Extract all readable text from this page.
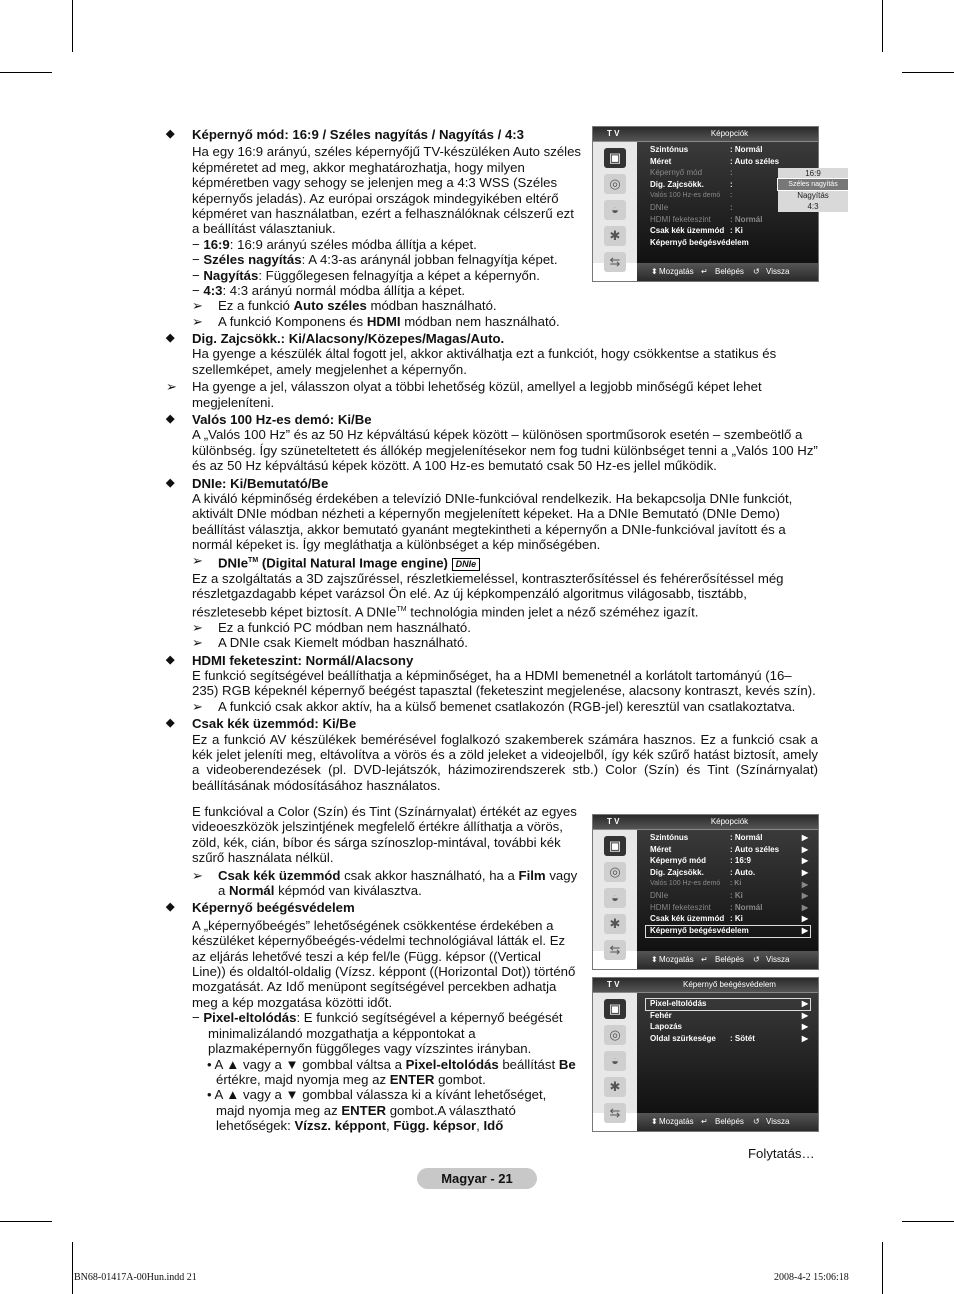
◆ Képernyő mód: 16:9 / Széles nagyítás / Nagyítás / 4:3

Ha egy 16:9 arányú, széles képernyőjű TV-készüléken Auto széles képméretet ad meg, akkor meghatározhatja, hogy milyen képméretben vagy sehogy se jelenjen meg a 4:3 WSS (Széles képernyős jeladás). Az európai országok mindegyikében eltérő képméret van használatban, ezért a felhasználóknak célszerű ezt a beállítást választaniuk.

− 16:9: 16:9 arányú széles módba állítja a képet.

− Széles nagyítás: A 4:3-as aránynál jobban felnagyítja képet.

− Nagyítás: Függőlegesen felnagyítja a képet a képernyőn.

− 4:3: 4:3 arányú normál módba állítja a képet.

➢ Ez a funkció Auto széles módban használható.

➢ A funkció Komponens és HDMI módban nem használható.

◆ Dig. Zajcsökk.: Ki/Alacsony/Közepes/Magas/Auto.

Ha gyenge a készülék által fogott jel, akkor aktiválhatja ezt a funkciót, hogy csökkentse a statikus és szellemképet, amely megjelenhet a képernyőn.

➢ Ha gyenge a jel, válasszon olyat a többi lehetőség közül, amellyel a legjobb minőségű képet lehet megjeleníteni.

◆ Valós 100 Hz-es demó: Ki/Be

A „Valós 100 Hz” és az 50 Hz képváltású képek között – különösen sportműsorok esetén – szembeötlő a különbség. Így szüneteltetett és állókép megjelenítésekor nem fog tudni különbséget tenni a „Valós 100 Hz” és az 50 Hz képváltású képek között. A 100 Hz-es bemutató csak 50 Hz-es jellel működik.

◆ DNIe: Ki/Bemutató/Be

A kiváló képminőség érdekében a televízió DNIe-funkcióval rendelkezik. Ha bekapcsolja DNIe funkciót, aktivált DNIe módban nézheti a képernyőn megjelenített képeket. Ha a DNIe Bemutató (DNIe Demo) beállítást választja, akkor bemutató gyanánt megtekintheti a képernyőn a DNIe-funkcióval javított és a normál képeket is. Így megláthatja a különbséget a kép minőségében.

➢ DNIe™ (Digital Natural Image engine) DNIe

Ez a szolgáltatás a 3D zajszűréssel, részletkiemeléssel, kontraszterősítéssel és fehérerősítéssel még részletgazdagabb képet varázsol Ön elé. Az új képkompenzáló algoritmus világosabb, tisztább, részletesebb képet biztosít. A DNIe™ technológia minden jelet a néző széméhez igazít.

➢ Ez a funkció PC módban nem használható.

➢ A DNIe csak Kiemelt módban használható.

◆ HDMI feketeszint: Normál/Alacsony

E funkció segítségével beállíthatja a képminőséget, ha a HDMI bemenetnél a korlátolt tartományú (16–235) RGB képeknél képernyő beégést tapasztal (feketeszint megjelenése, alacsony kontraszt, kevés szín).

➢ A funkció csak akkor aktív, ha a külső bemenet csatlakozón (RGB-jel) keresztül van csatlakoztatva.

◆ Csak kék üzemmód: Ki/Be

Ez a funkció AV készülékek bemérésével foglalkozó szakemberek számára hasznos. Ez a funkció csak a kék jelet jeleníti meg, eltávolítva a vörös és a zöld jeleket a videojelből, így kék szűrő hatást biztosít, amely a videoberendezések (pl. DVD-lejátszók, házimozirendszerek stb.) Color (Szín) és Tint (Színárnyalat) beállításának módosításához használatos.

E funkcióval a Color (Szín) és Tint (Színárnyalat) értékét az egyes videoeszközök jelszintjének megfelelő értékre állíthatja a vörös, zöld, kék, cián, bíbor és sárga színoszlop-mintával, további kék szűrő használata nélkül.

➢ Csak kék üzemmód csak akkor használható, ha a Film vagy a Normál képmód van kiválasztva.

◆ Képernyő beégésvédelem

A „képernyőbeégés” lehetőségének csökkentése érdekében a készüléket képernyőbeégés-védelmi technológiával látták el. Ez az eljárás lehetővé teszi a kép fel/le (Függ. képsor ((Vertical Line)) és oldaltól-oldalig (Vízsz. képpont ((Horizontal Dot)) történő mozgatását. Az Idő menüpont segítségével percekben adhatja meg a kép mozgatása közötti időt.

− Pixel-eltolódás: E funkció segítségével a képernyő beégését minimalizálandó mozgathatja a képpontokat a plazmaképernyőn függőleges vagy vízszintes irányban.

• A ▲ vagy a ▼ gombbal váltsa a Pixel-eltolódás beállítást Be értékre, majd nyomja meg az ENTER gombot.

• A ▲ vagy a ▼ gombbal válassza ki a kívánt lehetőséget, majd nyomja meg az ENTER gombot.A választható lehetőségek: Vízsz. képpont, Függ. képsor, Idő

T V	Képopciók
▣
◎
◒
✱
⇆
Szintónus	: Normál
Méret	: Auto széles
Képernyő mód	:
Dig. Zajcsökk.	:
Valós 100 Hz-es demó :
DNIe	:
HDMI feketeszint : Normál
Csak kék üzemmód : Ki
Képernyő beégésvédelem
16:9
Széles nagyítás
Nagyítás
4:3
⬍ Mozgatás ↵ Belépés ↺ Vissza
T V	Képopciók
▣
◎
◒
✱
⇆
Szintónus	: Normál	▶
Méret	: Auto széles	▶
Képernyő mód	: 16:9	▶
Dig. Zajcsökk.	: Auto.	▶
Valós 100 Hz-es demó : Ki	▶
DNIe	: Ki	▶
HDMI feketeszint : Normál	▶
Csak kék üzemmód : Ki	▶
Képernyő beégésvédelem	▶
⬍ Mozgatás ↵ Belépés ↺ Vissza
T V	Képernyő beégésvédelem
▣
◎
◒
✱
⇆
Pixel-eltolódás	▶
Fehér	▶
Lapozás	▶
Oldal szürkesége : Sötét	▶
⬍ Mozgatás ↵ Belépés ↺ Vissza
Folytatás…
Magyar - 21
BN68-01417A-00Hun.indd 21	2008-4-2 15:06:18
